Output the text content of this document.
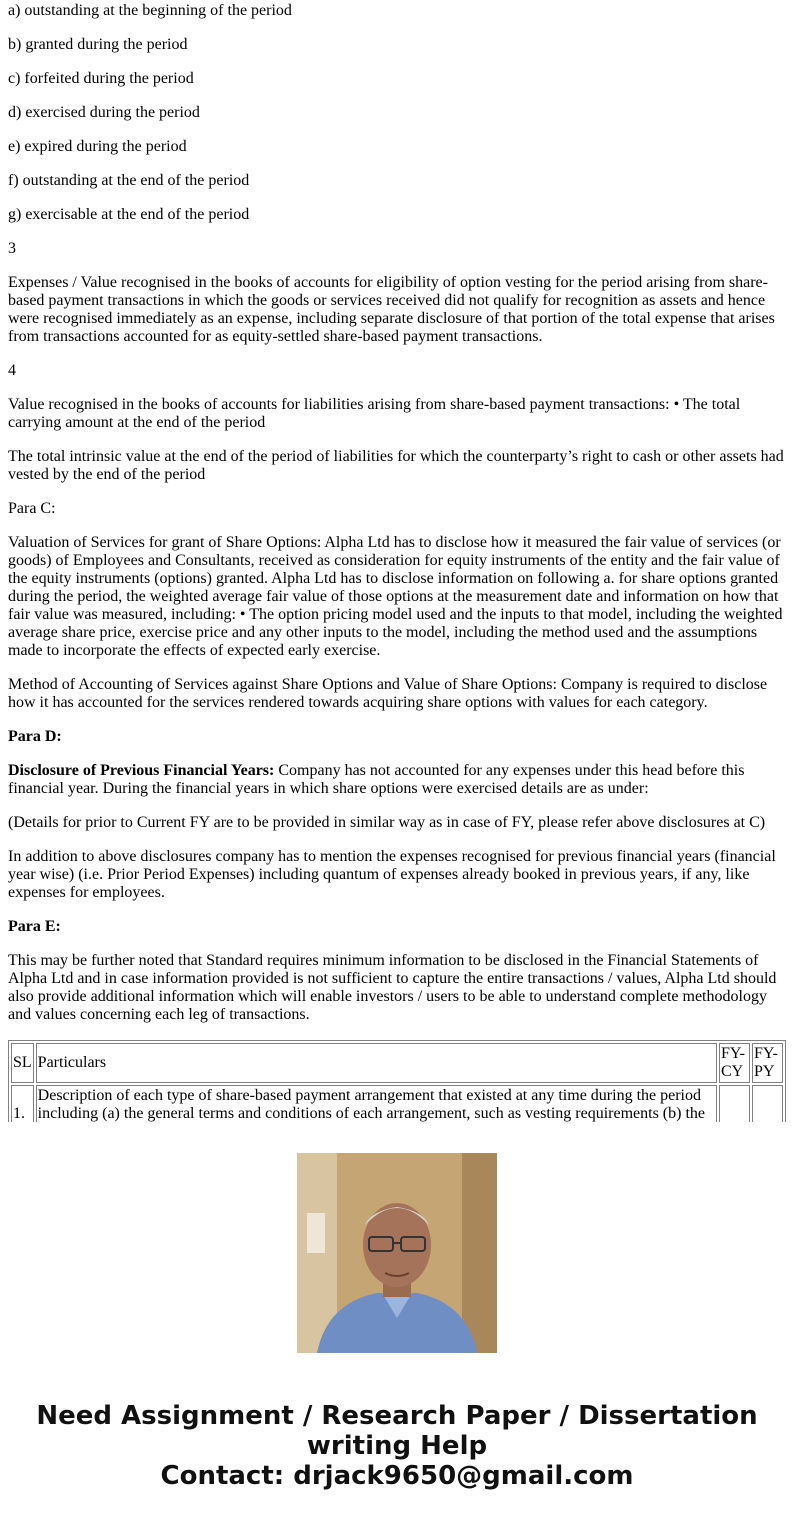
a) outstanding at the beginning of the period

b) granted during the period

c) forfeited during the period

d) exercised during the period

e) expired during the period

f) outstanding at the end of the period

g) exercisable at the end of the period

3

Expenses / Value recognised in the books of accounts for eligibility of option vesting for the period arising from share-based payment transactions in which the goods or services received did not qualify for recognition as assets and hence were recognised immediately as an expense, including separate disclosure of that portion of the total expense that arises from transactions accounted for as equity-settled share-based payment transactions.

4

Value recognised in the books of accounts for liabilities arising from share-based payment transactions: • The total carrying amount at the end of the period

The total intrinsic value at the end of the period of liabilities for which the counterparty’s right to cash or other assets had vested by the end of the period

Para C:

Valuation of Services for grant of Share Options: Alpha Ltd has to disclose how it measured the fair value of services (or goods) of Employees and Consultants, received as consideration for equity instruments of the entity and the fair value of the equity instruments (options) granted. Alpha Ltd has to disclose information on following a. for share options granted during the period, the weighted average fair value of those options at the measurement date and information on how that fair value was measured, including: • The option pricing model used and the inputs to that model, including the weighted average share price, exercise price and any other inputs to the model, including the method used and the assumptions made to incorporate the effects of expected early exercise.

Method of Accounting of Services against Share Options and Value of Share Options: Company is required to disclose how it has accounted for the services rendered towards acquiring share options with values for each category.

Para D:

Disclosure of Previous Financial Years: Company has not accounted for any expenses under this head before this financial year. During the financial years in which share options were exercised details are as under:

(Details for prior to Current FY are to be provided in similar way as in case of FY, please refer above disclosures at C)

In addition to above disclosures company has to mention the expenses recognised for previous financial years (financial year wise) (i.e. Prior Period Expenses) including quantum of expenses already booked in previous years, if any, like expenses for employees.

Para E:

This may be further noted that Standard requires minimum information to be disclosed in the Financial Statements of Alpha Ltd and in case information provided is not sufficient to capture the entire transactions / values, Alpha Ltd should also provide additional information which will enable investors / users to be able to understand complete methodology and values concerning each leg of transactions.

SL	Particulars	FY-CY	FY-PY
1.	Description of each type of share-based payment arrangement that existed at any time during the period including (a) the general terms and conditions of each arrangement, such as vesting requirements (b) the		
Need Assignment / Research Paper / Dissertation
writing Help
Contact: drjack9650@gmail.com
